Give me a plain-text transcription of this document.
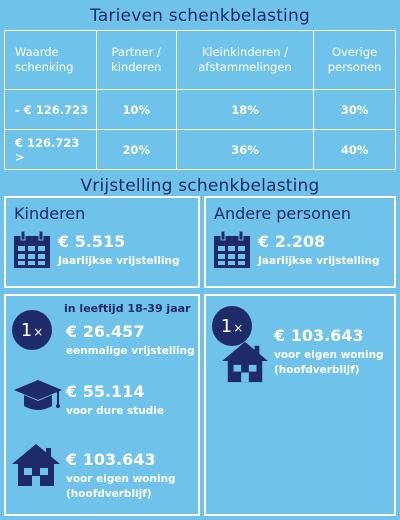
Tarieven schenkbelasting
Waarde schenking	Partner / kinderen	Kleinkinderen / afstammelingen	Overige personen
- € 126.723	10%	18%	30%
€ 126.723 >	20%	36%	40%
Vrijstelling schenkbelasting
Kinderen
€ 5.515
Jaarlijkse vrijstelling
Andere personen
€ 2.208
Jaarlijkse vrijstelling
1 ×
in leeftijd 18-39 jaar
€ 26.457
eenmalige vrijstelling
€ 55.114
voor dure studie
€ 103.643
voor eigen woning
(hoofdverblijf)
1 × € 103.643
voor eigen woning
(hoofdverblijf)
